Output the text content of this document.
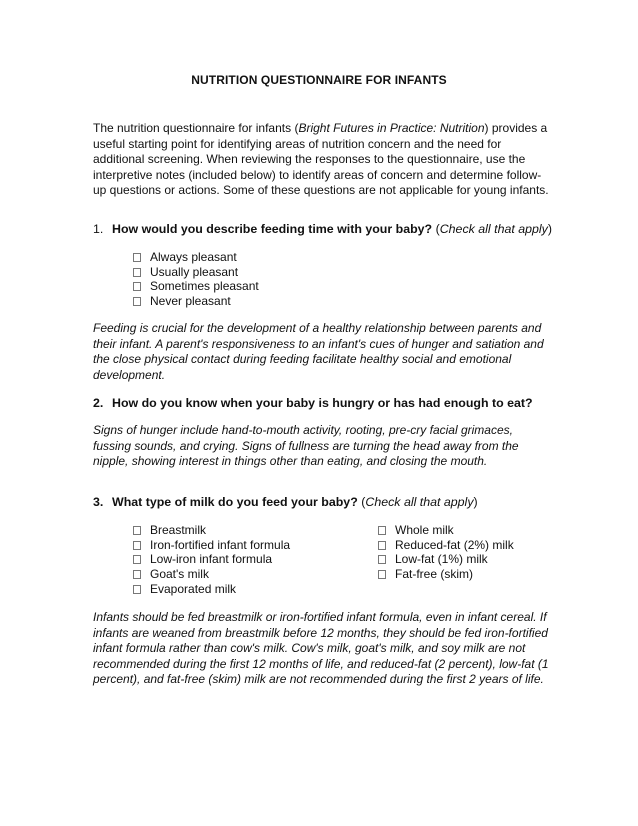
NUTRITION QUESTIONNAIRE FOR INFANTS
The nutrition questionnaire for infants (Bright Futures in Practice: Nutrition) provides a useful starting point for identifying areas of nutrition concern and the need for additional screening. When reviewing the responses to the questionnaire, use the interpretive notes (included below) to identify areas of concern and determine follow-up questions or actions. Some of these questions are not applicable for young infants.
1. How would you describe feeding time with your baby? (Check all that apply)
Always pleasant
Usually pleasant
Sometimes pleasant
Never pleasant
Feeding is crucial for the development of a healthy relationship between parents and their infant. A parent's responsiveness to an infant's cues of hunger and satiation and the close physical contact during feeding facilitate healthy social and emotional development.
2. How do you know when your baby is hungry or has had enough to eat?
Signs of hunger include hand-to-mouth activity, rooting, pre-cry facial grimaces, fussing sounds, and crying. Signs of fullness are turning the head away from the nipple, showing interest in things other than eating, and closing the mouth.
3. What type of milk do you feed your baby? (Check all that apply)
Breastmilk
Iron-fortified infant formula
Low-iron infant formula
Goat's milk
Evaporated milk
Whole milk
Reduced-fat (2%) milk
Low-fat (1%) milk
Fat-free (skim)
Infants should be fed breastmilk or iron-fortified infant formula, even in infant cereal. If infants are weaned from breastmilk before 12 months, they should be fed iron-fortified infant formula rather than cow's milk. Cow's milk, goat's milk, and soy milk are not recommended during the first 12 months of life, and reduced-fat (2 percent), low-fat (1 percent), and fat-free (skim) milk are not recommended during the first 2 years of life.
